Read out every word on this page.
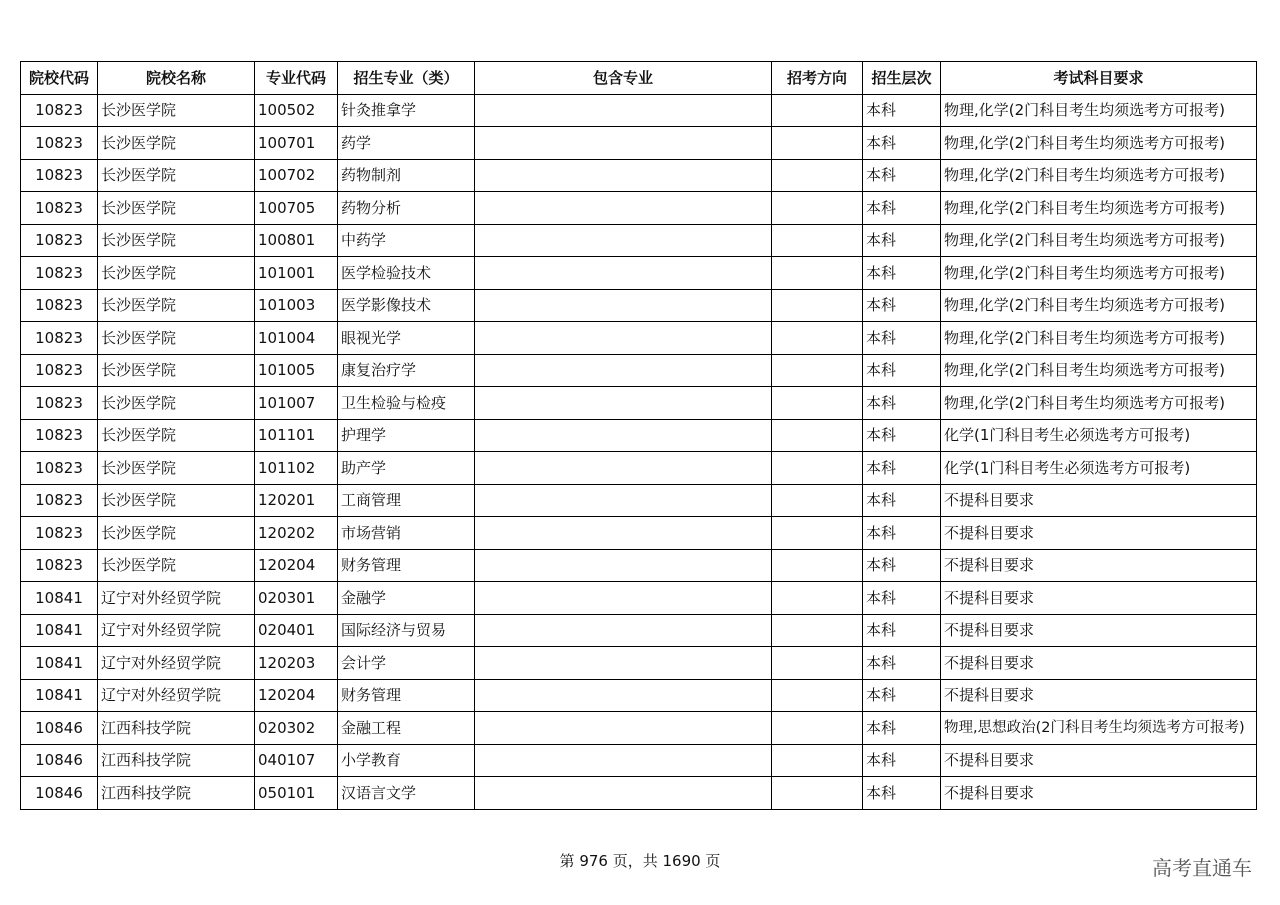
院校代码	院校名称	专业代码	招生专业（类）	包含专业	招考方向	招生层次	考试科目要求
10823	长沙医学院	100502	针灸推拿学			本科	物理,化学(2门科目考生均须选考方可报考)
10823	长沙医学院	100701	药学			本科	物理,化学(2门科目考生均须选考方可报考)
10823	长沙医学院	100702	药物制剂			本科	物理,化学(2门科目考生均须选考方可报考)
10823	长沙医学院	100705	药物分析			本科	物理,化学(2门科目考生均须选考方可报考)
10823	长沙医学院	100801	中药学			本科	物理,化学(2门科目考生均须选考方可报考)
10823	长沙医学院	101001	医学检验技术			本科	物理,化学(2门科目考生均须选考方可报考)
10823	长沙医学院	101003	医学影像技术			本科	物理,化学(2门科目考生均须选考方可报考)
10823	长沙医学院	101004	眼视光学			本科	物理,化学(2门科目考生均须选考方可报考)
10823	长沙医学院	101005	康复治疗学			本科	物理,化学(2门科目考生均须选考方可报考)
10823	长沙医学院	101007	卫生检验与检疫			本科	物理,化学(2门科目考生均须选考方可报考)
10823	长沙医学院	101101	护理学			本科	化学(1门科目考生必须选考方可报考)
10823	长沙医学院	101102	助产学			本科	化学(1门科目考生必须选考方可报考)
10823	长沙医学院	120201	工商管理			本科	不提科目要求
10823	长沙医学院	120202	市场营销			本科	不提科目要求
10823	长沙医学院	120204	财务管理			本科	不提科目要求
10841	辽宁对外经贸学院	020301	金融学			本科	不提科目要求
10841	辽宁对外经贸学院	020401	国际经济与贸易			本科	不提科目要求
10841	辽宁对外经贸学院	120203	会计学			本科	不提科目要求
10841	辽宁对外经贸学院	120204	财务管理			本科	不提科目要求
10846	江西科技学院	020302	金融工程			本科	物理,思想政治(2门科目考生均须选考方可报考)
10846	江西科技学院	040107	小学教育			本科	不提科目要求
10846	江西科技学院	050101	汉语言文学			本科	不提科目要求
第 976 页，共 1690 页	高考直通车
